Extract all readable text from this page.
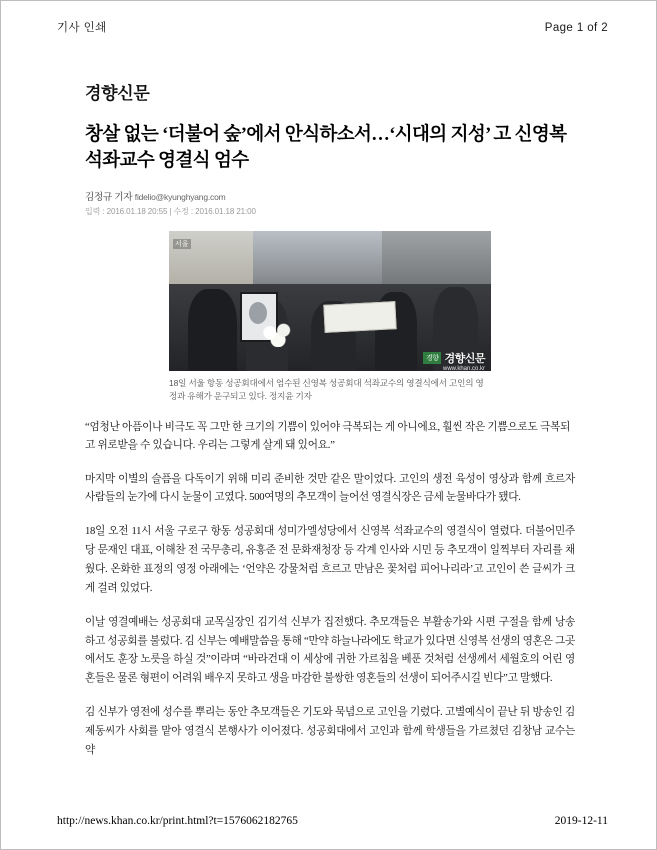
기사 인쇄	Page 1 of 2
경향신문
창살 없는 ‘더불어 숲’에서 안식하소서…‘시대의 지성’ 고 신영복 석좌교수 영결식 엄수
김정규 기자 fidelio@kyunghyang.com
입력 : 2016.01.18 20:55 | 수정 : 2016.01.18 21:00
서울
경향 경향신문
www.khan.co.kr
18일 서울 항동 성공회대에서 엄수된 신영복 성공회대 석좌교수의 영결식에서 고인의 영정과 유해가 운구되고 있다. 정지윤 기자

“엄청난 아픔이나 비극도 꼭 그만 한 크기의 기쁨이 있어야 극복되는 게 아니에요, 훨씬 작은 기쁨으로도 극복되고 위로받을 수 있습니다. 우리는 그렇게 살게 돼 있어요.”

마지막 이별의 슬픔을 다독이기 위해 미리 준비한 것만 같은 말이었다. 고인의 생전 육성이 영상과 함께 흐르자 사람들의 눈가에 다시 눈물이 고였다. 500여명의 추모객이 늘어선 영결식장은 금세 눈물바다가 됐다.

18일 오전 11시 서울 구로구 항동 성공회대 성미가엘성당에서 신영복 석좌교수의 영결식이 열렸다. 더불어민주당 문재인 대표, 이해찬 전 국무총리, 유홍준 전 문화재청장 등 각계 인사와 시민 등 추모객이 일찍부터 자리를 채웠다. 온화한 표정의 영정 아래에는 ‘언약은 강물처럼 흐르고 만남은 꽃처럼 피어나리라’고 고인이 쓴 글씨가 크게 걸려 있었다.

이날 영결예배는 성공회대 교목실장인 김기석 신부가 집전했다. 추모객들은 부활송가와 시편 구절을 함께 낭송하고 성공회를 불렀다. 김 신부는 예배말씀을 통해 “만약 하늘나라에도 학교가 있다면 신영복 선생의 영혼은 그곳에서도 훈장 노릇을 하실 것”이라며 “바라건대 이 세상에 귀한 가르침을 베푼 것처럼 선생께서 세월호의 어린 영혼들은 물론 형편이 어려워 배우지 못하고 생을 마감한 불쌍한 영혼들의 선생이 되어주시길 빈다”고 말했다.

김 신부가 영전에 성수를 뿌리는 동안 추모객들은 기도와 묵념으로 고인을 기렸다. 고별예식이 끝난 뒤 방송인 김제동씨가 사회를 맡아 영결식 본행사가 이어졌다. 성공회대에서 고인과 함께 학생들을 가르쳤던 김창남 교수는 약

http://news.khan.co.kr/print.html?t=1576062182765	2019-12-11
